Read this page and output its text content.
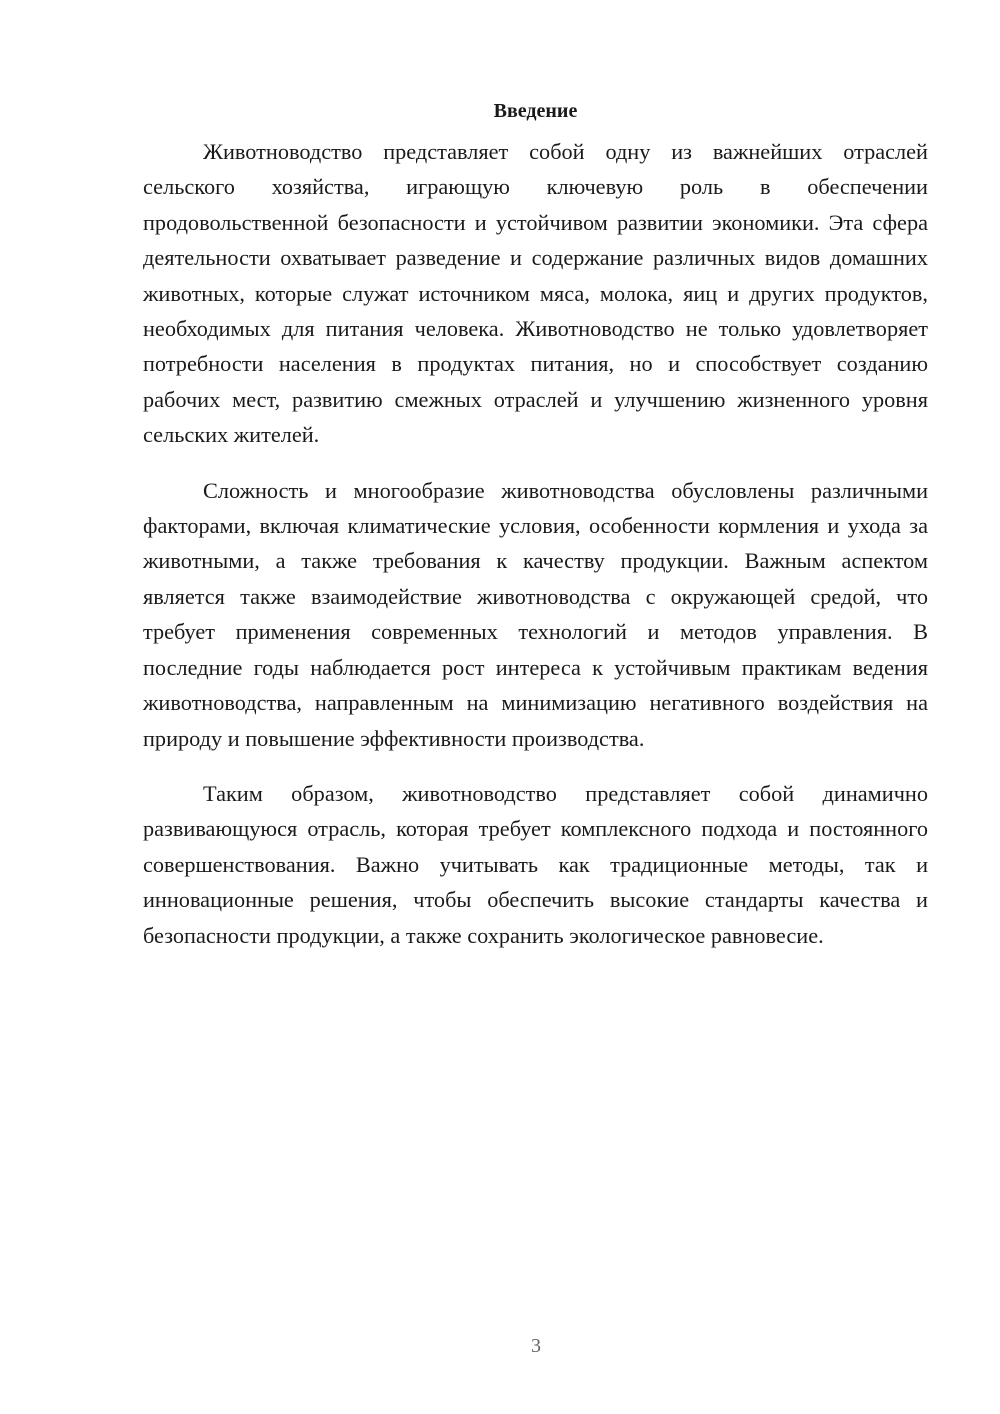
Введение

Животноводство представляет собой одну из важнейших отраслей сельского хозяйства, играющую ключевую роль в обеспечении продовольственной безопасности и устойчивом развитии экономики. Эта сфера деятельности охватывает разведение и содержание различных видов домашних животных, которые служат источником мяса, молока, яиц и других продуктов, необходимых для питания человека. Животноводство не только удовлетворяет потребности населения в продуктах питания, но и способствует созданию рабочих мест, развитию смежных отраслей и улучшению жизненного уровня сельских жителей.

Сложность и многообразие животноводства обусловлены различными факторами, включая климатические условия, особенности кормления и ухода за животными, а также требования к качеству продукции. Важным аспектом является также взаимодействие животноводства с окружающей средой, что требует применения современных технологий и методов управления. В последние годы наблюдается рост интереса к устойчивым практикам ведения животноводства, направленным на минимизацию негативного воздействия на природу и повышение эффективности производства.

Таким образом, животноводство представляет собой динамично развивающуюся отрасль, которая требует комплексного подхода и постоянного совершенствования. Важно учитывать как традиционные методы, так и инновационные решения, чтобы обеспечить высокие стандарты качества и безопасности продукции, а также сохранить экологическое равновесие.

3
